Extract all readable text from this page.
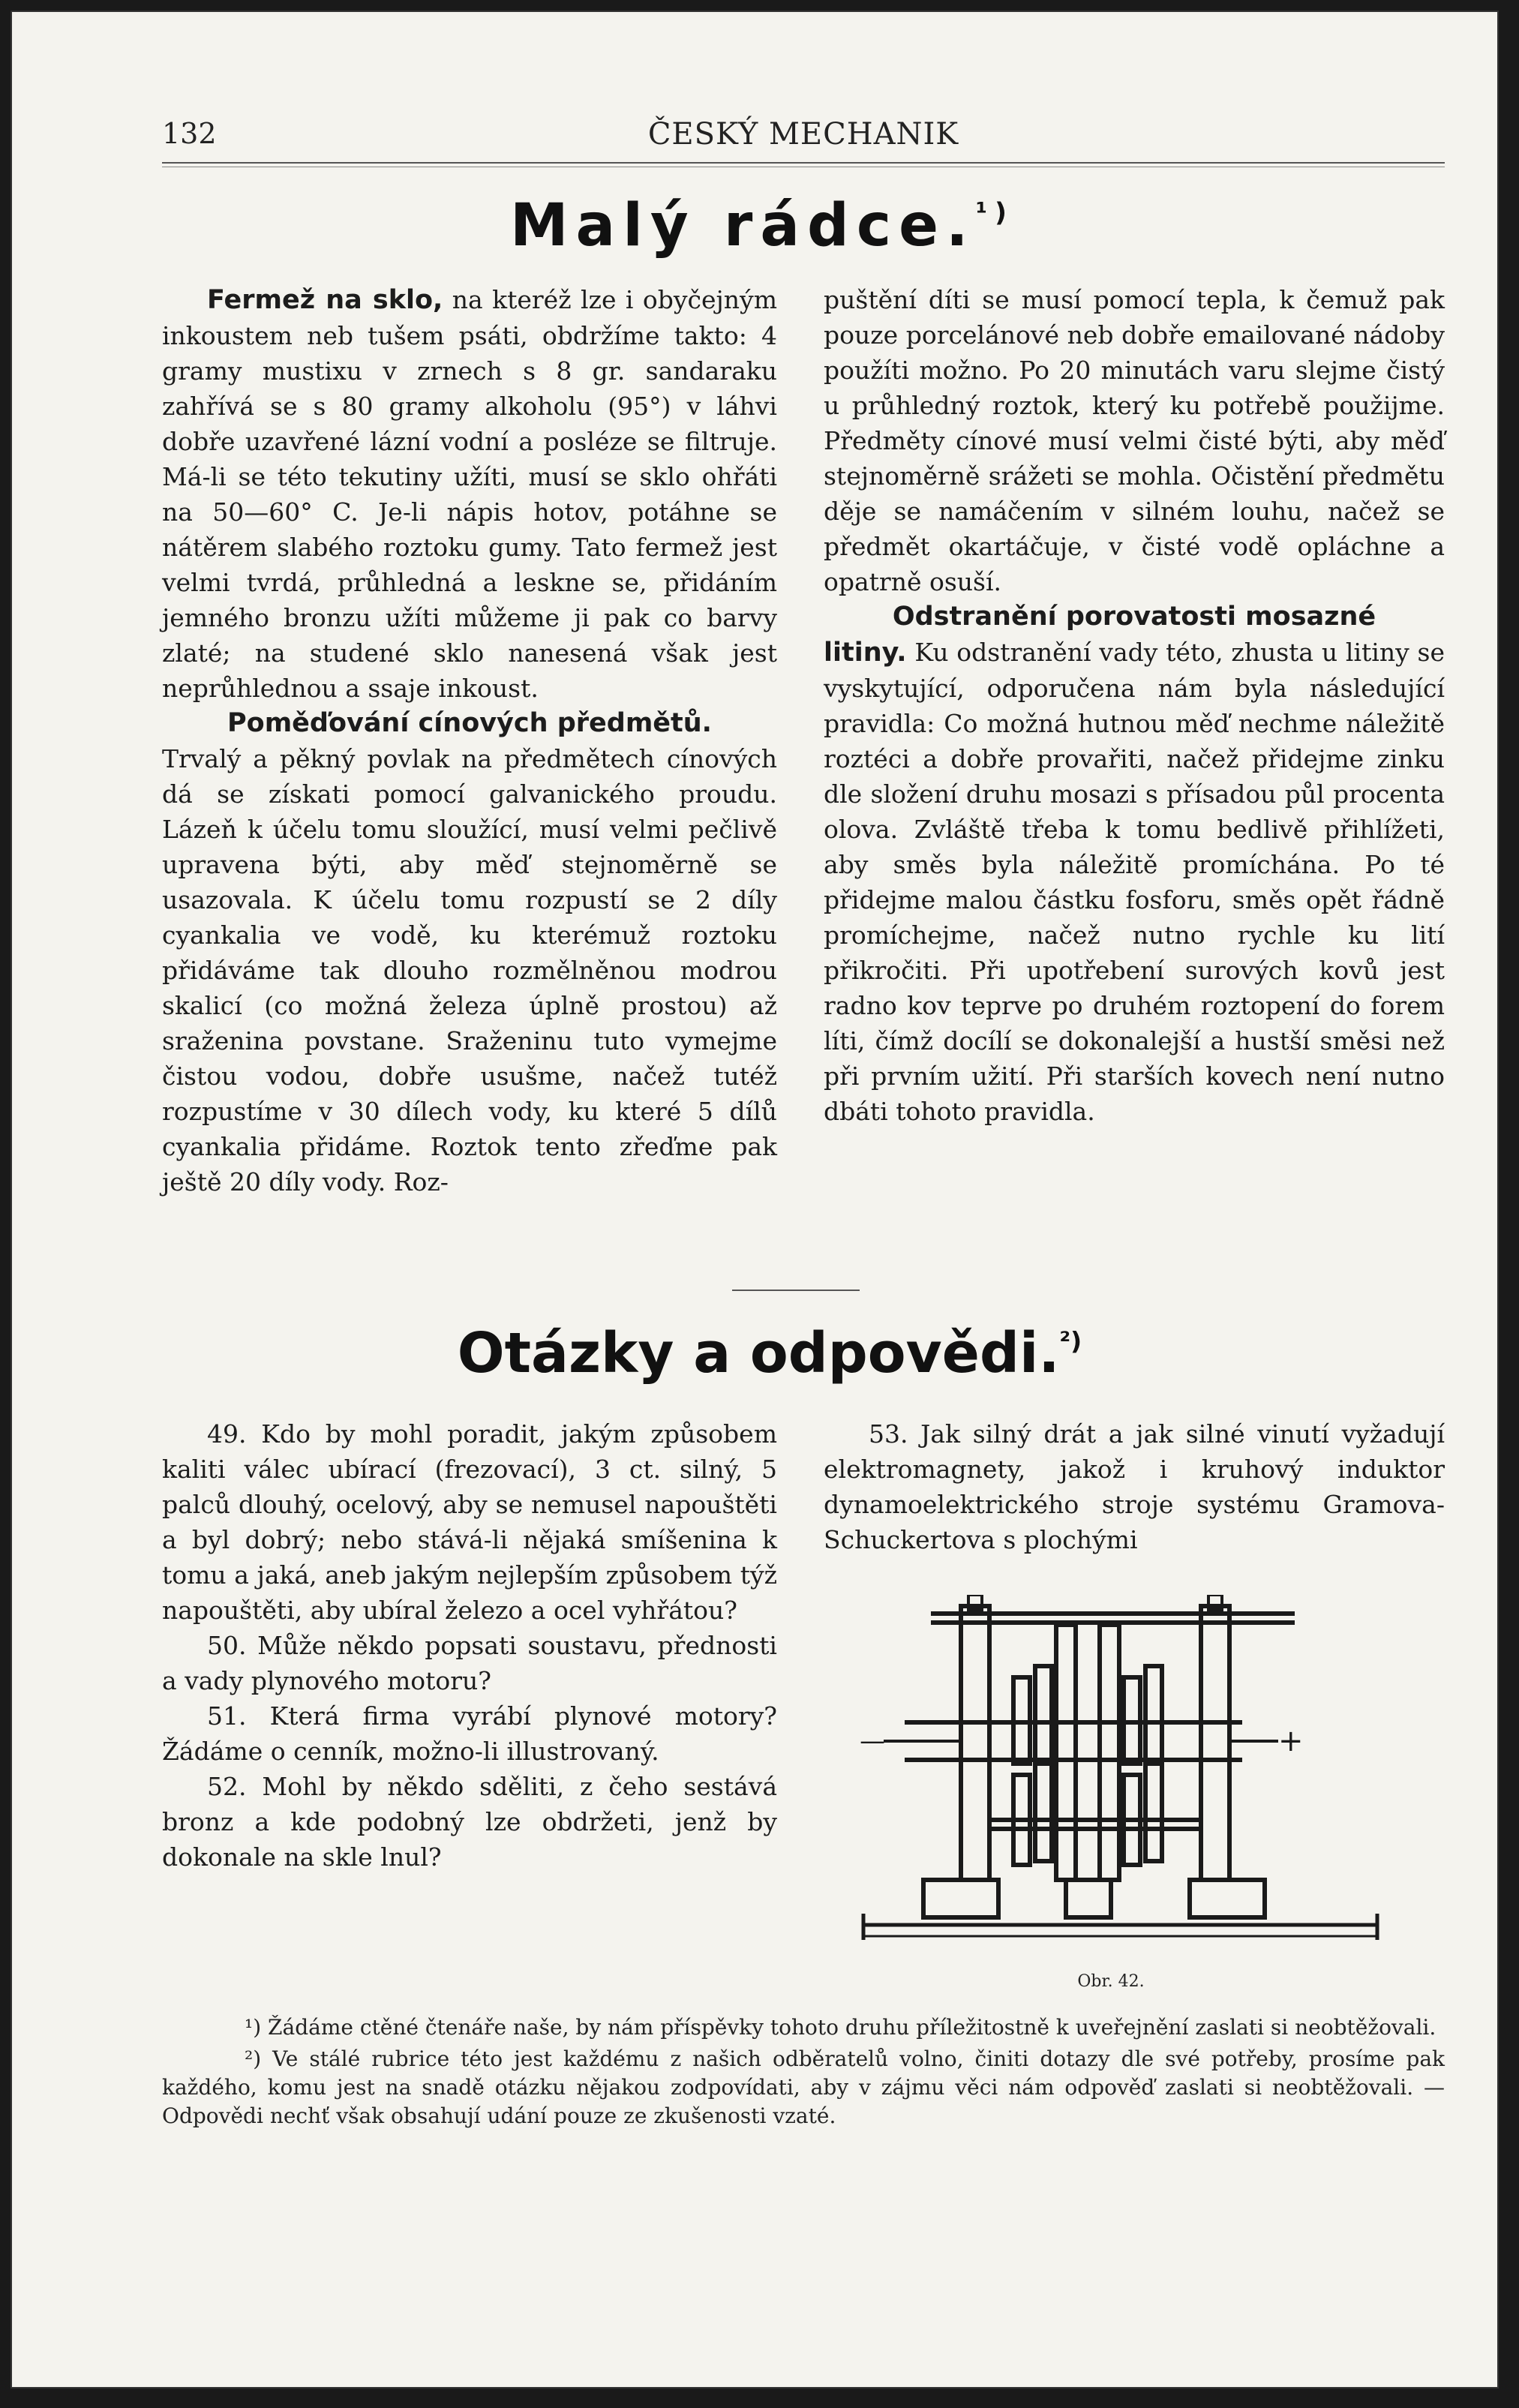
132	ČESKÝ MECHANIK
Malý rádce.$^{^1)}$

Fermež na sklo, na kteréž lze i obyčejným inkoustem neb tušem psáti, obdržíme takto: 4 gramy mustixu v zrnech s 8 gr. sandaraku zahřívá se s 80 gramy alkoholu (95°) v láhvi dobře uzavřené lázní vodní a posléze se filtruje. Má-li se této tekutiny užíti, musí se sklo ohřáti na 50—60° C. Je-li nápis hotov, potáhne se nátěrem slabého roztoku gumy. Tato fermež jest velmi tvrdá, průhledná a leskne se, přidáním jemného bronzu užíti můžeme ji pak co barvy zlaté; na studené sklo nanesená však jest neprůhlednou a ssaje inkoust.

Poměďování cínových předmětů.

Trvalý a pěkný povlak na předmětech cínových dá se získati pomocí galvanického proudu. Lázeň k účelu tomu sloužící, musí velmi pečlivě upravena býti, aby měď stejnoměrně se usazovala. K účelu tomu rozpustí se 2 díly cyankalia ve vodě, ku kterémuž roztoku přidáváme tak dlouho rozmělněnou modrou skalicí (co možná železa úplně prostou) až sraženina povstane. Sraženinu tuto vymejme čistou vodou, dobře usušme, načež tutéž rozpustíme v 30 dílech vody, ku které 5 dílů cyankalia přidáme. Roztok tento zřeďme pak ještě 20 díly vody. Roz-

puštění díti se musí pomocí tepla, k čemuž pak pouze porcelánové neb dobře emailované nádoby použíti možno. Po 20 minutách varu slejme čistý u průhledný roztok, který ku potřebě použijme. Předměty cínové musí velmi čisté býti, aby měď stejnoměrně srážeti se mohla. Očistění předmětu děje se namáčením v silném louhu, načež se předmět okartáčuje, v čisté vodě opláchne a opatrně osuší.

Odstranění porovatosti mosazné

litiny. Ku odstranění vady této, zhusta u litiny se vyskytující, odporučena nám byla následující pravidla: Co možná hutnou měď nechme náležitě roztéci a dobře provařiti, načež přidejme zinku dle složení druhu mosazi s přísadou půl procenta olova. Zvláště třeba k tomu bedlivě přihlížeti, aby směs byla náležitě promíchána. Po té přidejme malou částku fosforu, směs opět řádně promíchejme, načež nutno rychle ku lití přikročiti. Při upotřebení surových kovů jest radno kov teprve po druhém roztopení do forem líti, čímž docílí se dokonalejší a hustší směsi než při prvním užití. Při starších kovech není nutno dbáti tohoto pravidla.

Otázky a odpovědi.$^{^2)}$

49. Kdo by mohl poradit, jakým způsobem kaliti válec ubírací (frezovací), 3 ct. silný, 5 palců dlouhý, ocelový, aby se nemusel napouštěti a byl dobrý; nebo stává-li nějaká smíšenina k tomu a jaká, aneb jakým nejlepším způsobem týž napouštěti, aby ubíral železo a ocel vyhřátou?

50. Může někdo popsati soustavu, přednosti a vady plynového motoru?

51. Která firma vyrábí plynové motory? Žádáme o cenník, možno-li illustrovaný.

52. Mohl by někdo sděliti, z čeho sestává bronz a kde podobný lze obdržeti, jenž by dokonale na skle lnul?

53. Jak silný drát a jak silné vinutí vyžadují elektromagnety, jakož i kruhový induktor dynamoelektrického stroje systému Gramova-Schuckertova s plochými

—	+
Obr. 42.

¹) Žádáme ctěné čtenáře naše, by nám příspěvky tohoto druhu příležitostně k uveřejnění zaslati si neobtěžovali.

²) Ve stálé rubrice této jest každému z našich odběratelů volno, činiti dotazy dle své potřeby, prosíme pak každého, komu jest na snadě otázku nějakou zodpovídati, aby v zájmu věci nám odpověď zaslati si neobtěžovali. — Odpovědi nechť však obsahují udání pouze ze zkušenosti vzaté.
